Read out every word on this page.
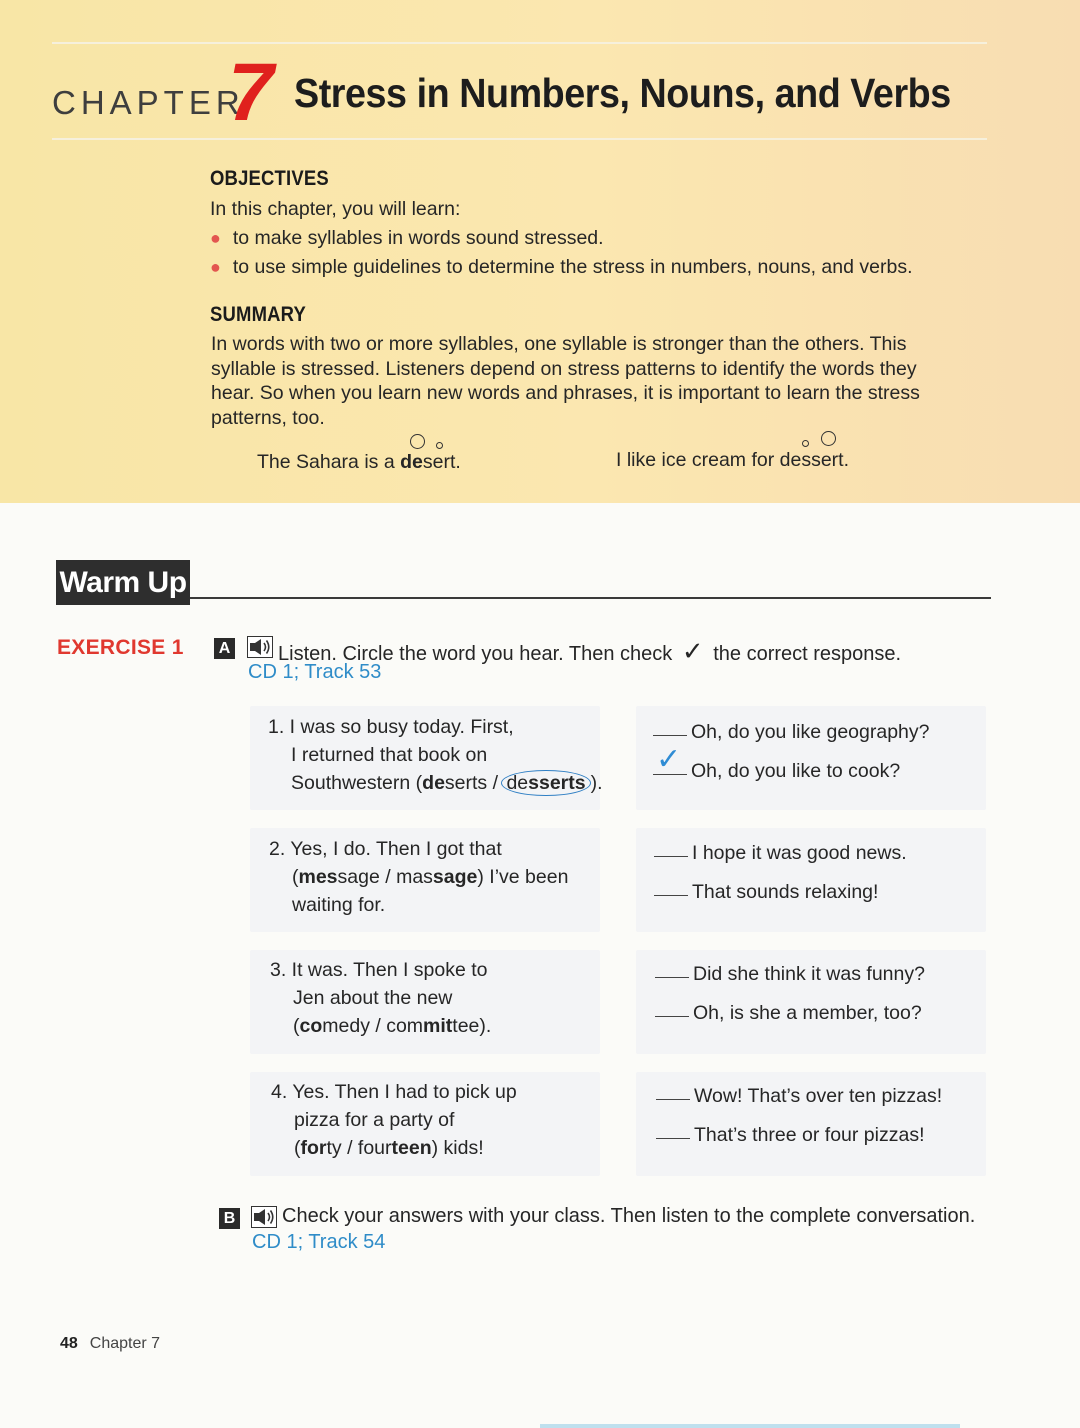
CHAPTER
7 Stress in Numbers, Nouns, and Verbs
OBJECTIVES
In this chapter, you will learn:
● to make syllables in words sound stressed.
● to use simple guidelines to determine the stress in numbers, nouns, and verbs.
SUMMARY
In words with two or more syllables, one syllable is stronger than the others. This
syllable is stressed. Listeners depend on stress patterns to identify the words they
hear. So when you learn new words and phrases, it is important to learn the stress
patterns, too.
The Sahara is a desert.	I like ice cream for dessert.
Warm Up
EXERCISE 1 A Listen. Circle the word you hear. Then check ✓ the correct response.
CD 1; Track 53
1. I was so busy today. First,
I returned that book on
Southwestern (deserts / desserts ).
Oh, do you like geography?
Oh, do you like to cook?
✓
2. Yes, I do. Then I got that
(message / massage) I’ve been
waiting for.
I hope it was good news.
That sounds relaxing!
3. It was. Then I spoke to
Jen about the new
(comedy / committee).
Did she think it was funny?
Oh, is she a member, too?
4. Yes. Then I had to pick up
pizza for a party of
(forty / fourteen) kids!
Wow! That’s over ten pizzas!
That’s three or four pizzas!
B Check your answers with your class. Then listen to the complete conversation.
CD 1; Track 54
48 Chapter 7
